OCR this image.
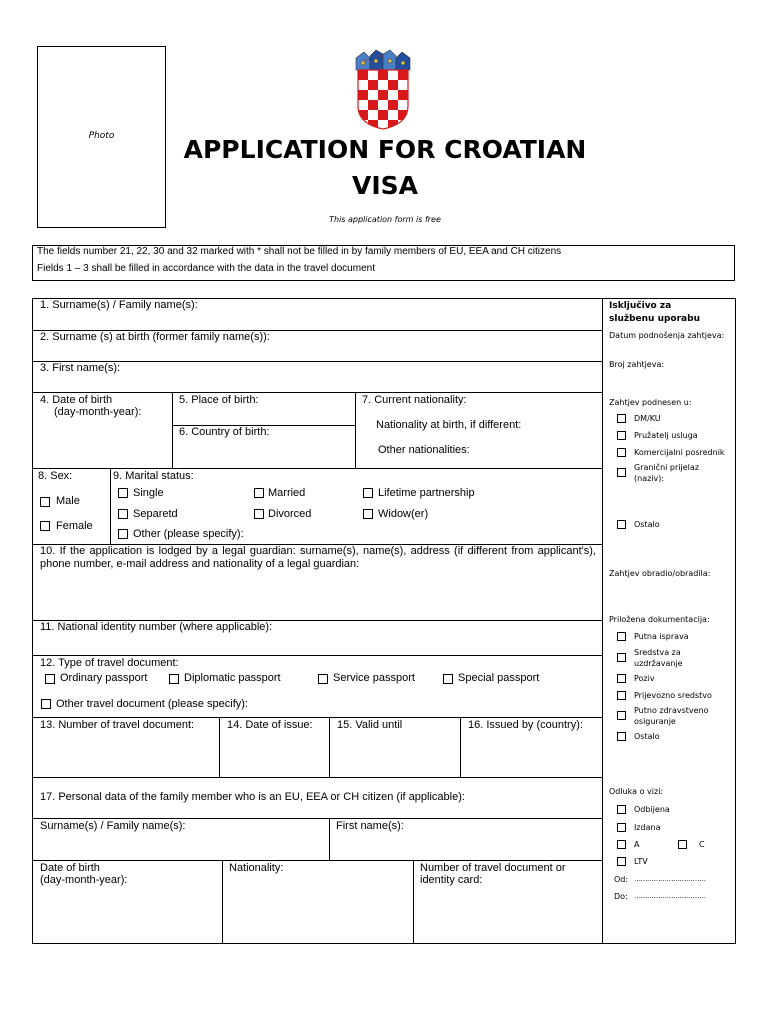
Photo	APPLICATION FOR CROATIAN
VISA
This application form is free
The fields number 21, 22, 30 and 32 marked with * shall not be filled in by family members of EU, EEA and CH citizens
Fields 1 – 3 shall be filled in accordance with the data in the travel document
1. Surname(s) / Family name(s):
2. Surname (s) at birth (former family name(s)):
3. First name(s):
4. Date of birth
(day-month-year):
5. Place of birth:
6. Country of birth:
7. Current nationality:
Nationality at birth, if different:
Other nationalities:
8. Sex:
Male
Female
9. Marital status:
Single	Married	Lifetime partnership
Separetd	Divorced	Widow(er)
Other (please specify):
10. If the application is lodged by a legal guardian: surname(s), name(s), address (if different from applicant's), phone number, e-mail address and nationality of a legal guardian:
11. National identity number (where applicable):
12. Type of travel document:
Ordinary passport	Diplomatic passport	Service passport	Special passport
Other travel document (please specify):
13. Number of travel document:	14. Date of issue: 15. Valid until	16. Issued by (country):
17. Personal data of the family member who is an EU, EEA or CH citizen (if applicable):
Surname(s) / Family name(s):	First name(s):
Date of birth
(day-month-year):
Nationality:	Number of travel document or
identity card:
Isključivo za
službenu uporabu
Datum podnošenja zahtjeva:
Broj zahtjeva:
Zahtjev podnesen u:
DM/KU
Pružatelj usluga
Komercijalni posrednik
Granični prijelaz
(naziv):
Ostalo
Zahtjev obradio/obradila:
Priložena dokumentacija:
Putna isprava
Sredstva za
uzdržavanje
Poziv
Prijevozno sredstvo
Putno zdravstveno
osiguranje
Ostalo
Odluka o vizi:
Odbijena
Izdana
A	C
LTV
Od: ……………………………
Do: ……………………………
